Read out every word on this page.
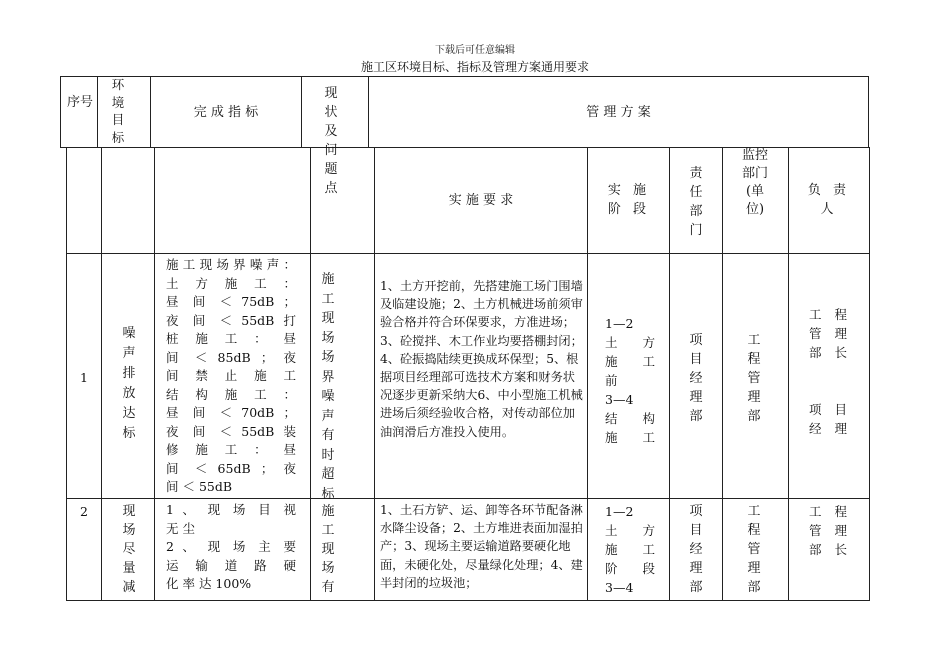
下载后可任意编辑
施工区环境目标、指标及管理方案通用要求
序号
环境目标
完 成 指 标
现 状 及 问 题 点
管 理 方 案
实 施 要 求
实 施 阶 段
责任部门
监控部门(单位)
负 责 人
1
噪声排放达标
施 工 现 场 界 噪 声 ：
土 方 施 工 ：
昼 间 ＜ 75dB ；
夜 间 ＜ 55dB 打
桩 施 工 ： 昼
间 ＜ 85dB ； 夜
间 禁 止 施 工
结 构 施 工 ：
昼 间 ＜ 70dB ；
夜 间 ＜ 55dB 装
修 施 工 ： 昼
间 ＜ 65dB ； 夜
间 ＜ 55dB
施工现场场界噪声有时超标
1、土方开挖前，先搭建施工场门围墙及临建设施；2、土方机械进场前须审验合格并符合环保要求，方准进场；3、砼搅拌、木工作业均要搭棚封闭；4、砼振捣陆续更换成环保型；5、根据项目经理部可选技术方案和财务状况逐步更新采纳大6、中小型施工机械进场后须经验收合格，对传动部位加油润滑后方准投入使用。
1—2
土 方
施 工
前
3—4
结 构
施 工
项目经理部
工程管理部
工 程
管 理
部 长
项 目
经 理
2	现场尽量减
1 、 现 场 目 视
无 尘
2 、 现 场 主 要
运 输 道 路 硬
化 率 达 100%
施工现场有
1、土石方铲、运、卸等各环节配备淋水降尘设备；2、土方堆进表面加湿拍产；3、现场主要运输道路要硬化地面，未硬化处，尽量绿化处理；4、建半封闭的垃圾池；
1—2
土 方
施 工
阶 段
3—4
项目经理部
工程管理部
工 程
管 理
部 长
